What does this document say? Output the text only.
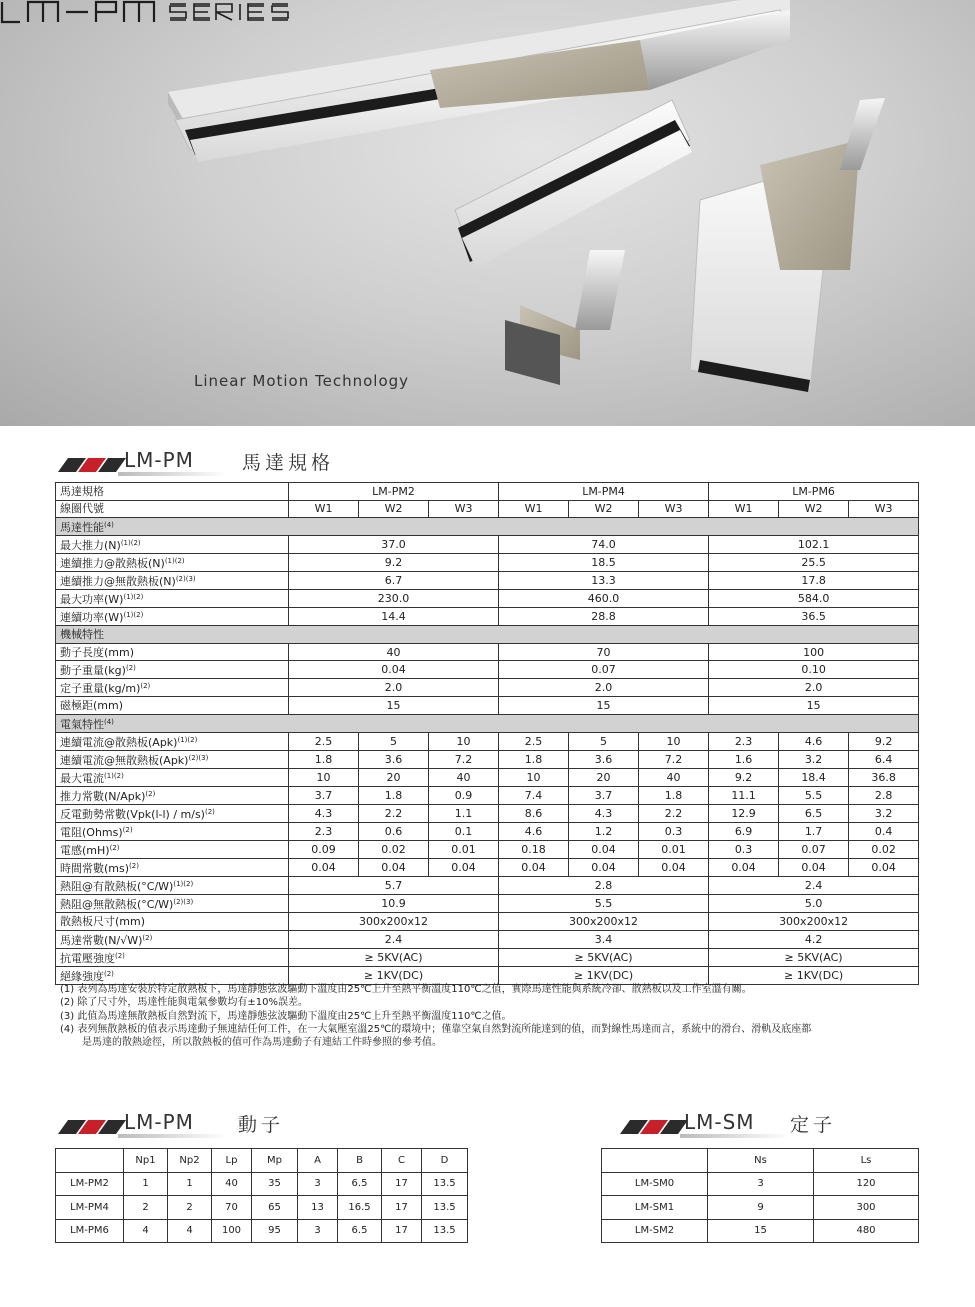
LM-PM SERIES
Linear Motion Technology
LM-PM	馬達規格
馬達規格	LM-PM2			LM-PM4			LM-PM6		
線圈代號	W1	W2	W3	W1	W2	W3	W1	W2	W3
馬達性能$^{(4)}$
最大推力$(N)^{(1)(2)}$	37.0			74.0			102.1		
連續推力@散熱板$(N)^{(1)(2)}$	9.2			18.5			25.5		
連續推力@無散熱板$(N)^{(2)(3)}$	6.7			13.3			17.8		
最大功率$(W)^{(1)(2)}$	230.0			460.0			584.0		
連續功率$(W)^{(1)(2)}$	14.4			28.8			36.5		
機械特性									
動子長度(mm)	40			70			100		
動子重量(kg)$^{(2)}$	0.04			0.07			0.10		
定子重量$(kg/m)^{(2)}$	2.0			2.0			2.0		
磁極距(mm)	15			15			15		
電氣特性$^{(4)}$
連續電流@散熱板(Apk)$^{(1)(2)}$	2.5	5	10	2.5	5	10	2.3	4.6	9.2
連續電流@無散熱板(Apk)$^{(2)(3)}$	1.8	3.6	7.2	1.8	3.6	7.2	1.6	3.2	6.4
最大電流$^{(1)(2)}$	10	20	40	10	20	40	9.2	18.4	36.8
推力常數$(N/Apk)^{(2)}$	3.7	1.8	0.9	7.4	3.7	1.8	11.1	5.5	2.8
反電動勢常數(Vpk(l-l) / m/s)$^{(2)}$	4.3	2.2	1.1	8.6	4.3	2.2	12.9	6.5	3.2
電阻(Ohms)$^{(2)}$	2.3	0.6	0.1	4.6	1.2	0.3	6.9	1.7	0.4
電感(mH)$^{(2)}$	0.09	0.02	0.01	0.18	0.04	0.01	0.3	0.07	0.02
時間常數(ms)$^{(2)}$	0.04	0.04	0.04	0.04	0.04	0.04	0.04	0.04	0.04
熱阻@有散熱板$(^\circ C/W)^{(1)(2)}$	5.7			2.8			2.4		
熱阻@無散熱板$(^\circ C/W)^{(2)(3)}$	10.9			5.5			5.0		
散熱板尺寸(mm)	300x200x12			300x200x12			300x200x12		
馬達常數$(N/√W)^{(2)}$	2.4			3.4			4.2		
抗電壓強度$^{(2)}$	≥ 5KV(AC)			≥ 5KV(AC)			≥ 5KV(AC)		
絕緣強度$^{(2)}$	≥ 1KV(DC)			≥ 1KV(DC)			≥ 1KV(DC)		
(1) 表列為馬達安裝於特定散熱板下，馬達靜態弦波驅動下溫度由25℃上升至熱平衡溫度110℃之值，實際馬達性能與系統冷卻、散熱板以及工作室溫有關。
(2) 除了尺寸外，馬達性能與電氣參數均有±10%誤差。
(3) 此值為馬達無散熱板自然對流下，馬達靜態弦波驅動下溫度由25℃上升至熱平衡溫度110℃之值。
(4) 表列無散熱板的值表示馬達動子無連結任何工件，在一大氣壓室溫25℃的環境中；僅靠空氣自然對流所能達到的值，而對線性馬達而言，系統中的滑台、滑軌及底座都
是馬達的散熱途徑，所以散熱板的值可作為馬達動子有連結工件時參照的參考值。
LM-PM 動子	LM-SM 定子
	Np1	Np2	Lp	Mp	A	B	C	D
LM-PM2	1	1	40	35	3	6.5	17	13.5
LM-PM4	2	2	70	65	13	16.5	17	13.5
LM-PM6	4	4	100	95	3	6.5	17	13.5
	Ns	Ls
LM-SM0	3	120
LM-SM1	9	300
LM-SM2	15	480
